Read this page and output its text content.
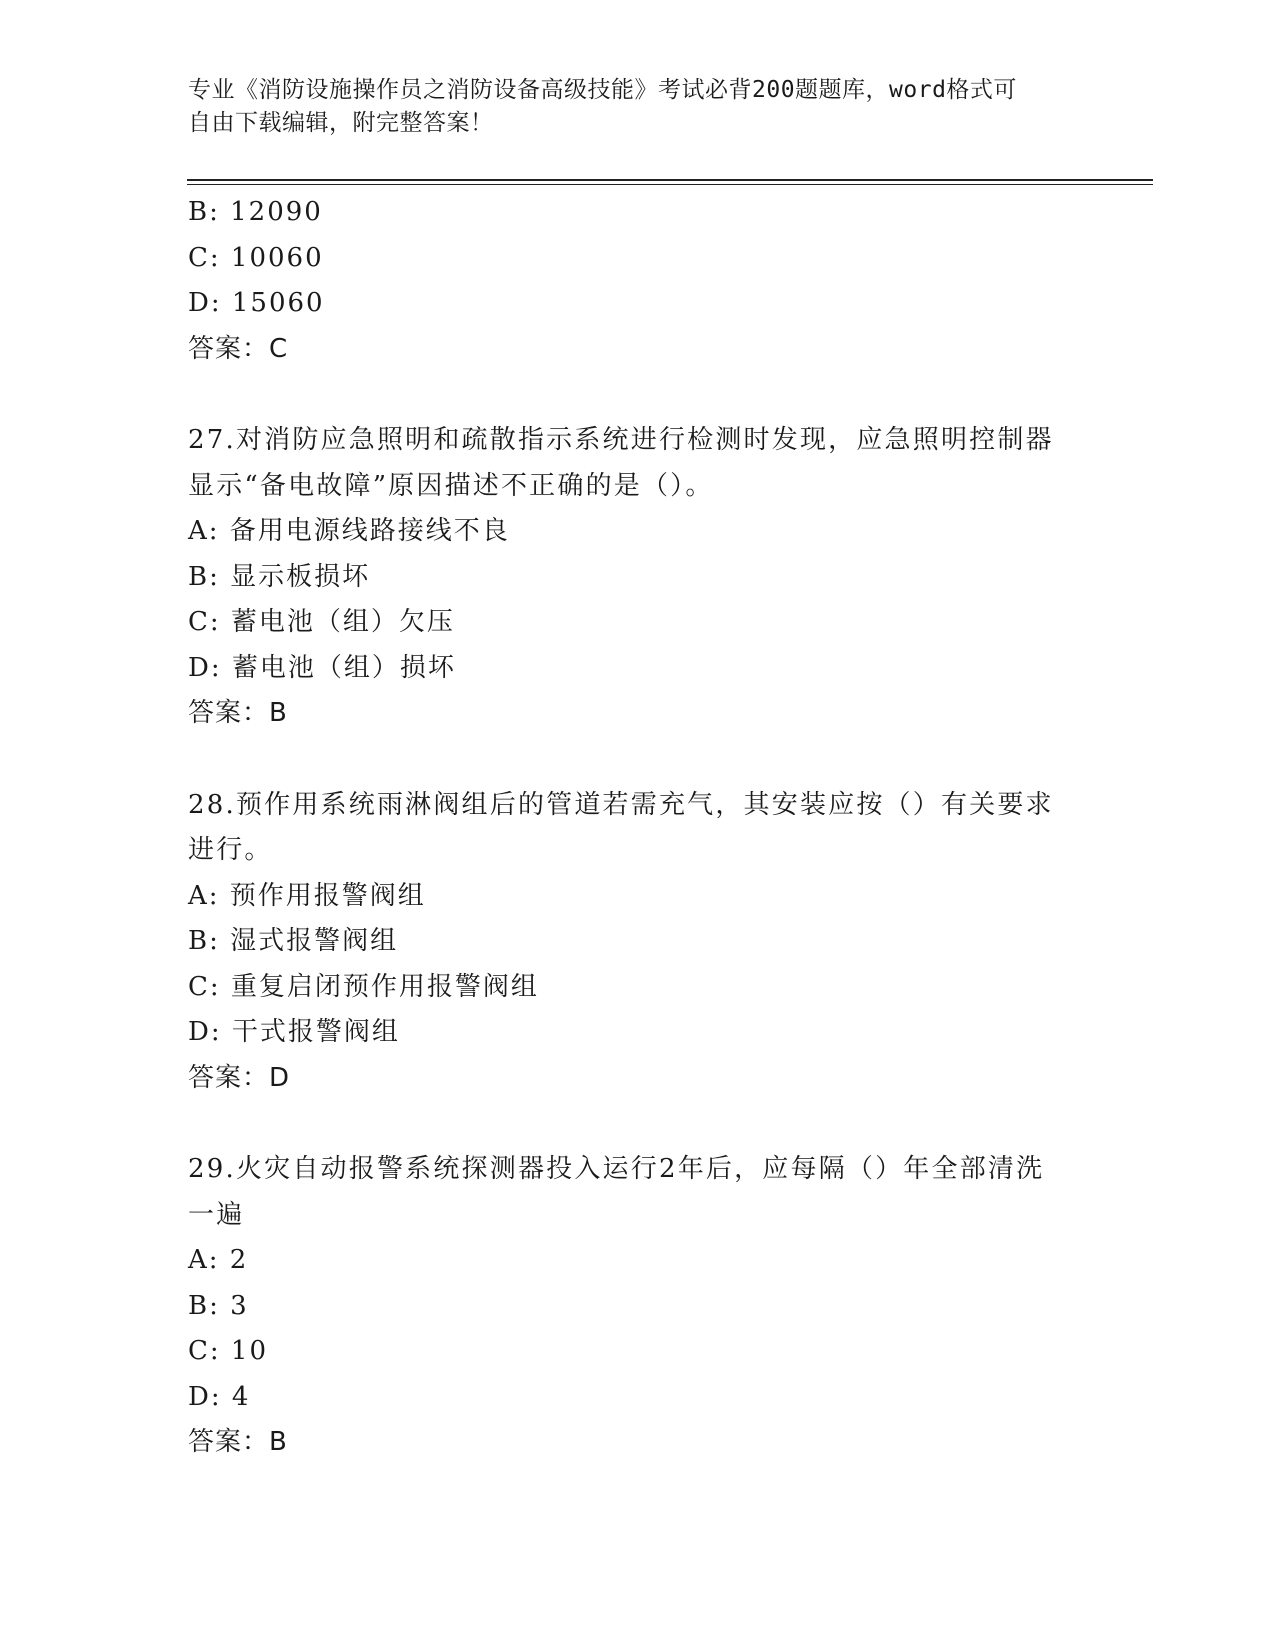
专业《消防设施操作员之消防设备高级技能》考试必背200题题库，word格式可
自由下载编辑，附完整答案！
B: 12090
C: 10060
D: 15060
答案：C
27.对消防应急照明和疏散指示系统进行检测时发现，应急照明控制器
显示“备电故障”原因描述不正确的是（）。
A: 备用电源线路接线不良
B: 显示板损坏
C: 蓄电池（组）欠压
D: 蓄电池（组）损坏
答案：B
28.预作用系统雨淋阀组后的管道若需充气，其安装应按（）有关要求
进行。
A: 预作用报警阀组
B: 湿式报警阀组
C: 重复启闭预作用报警阀组
D: 干式报警阀组
答案：D
29.火灾自动报警系统探测器投入运行2年后，应每隔（）年全部清洗
一遍
A: 2
B: 3
C: 10
D: 4
答案：B
